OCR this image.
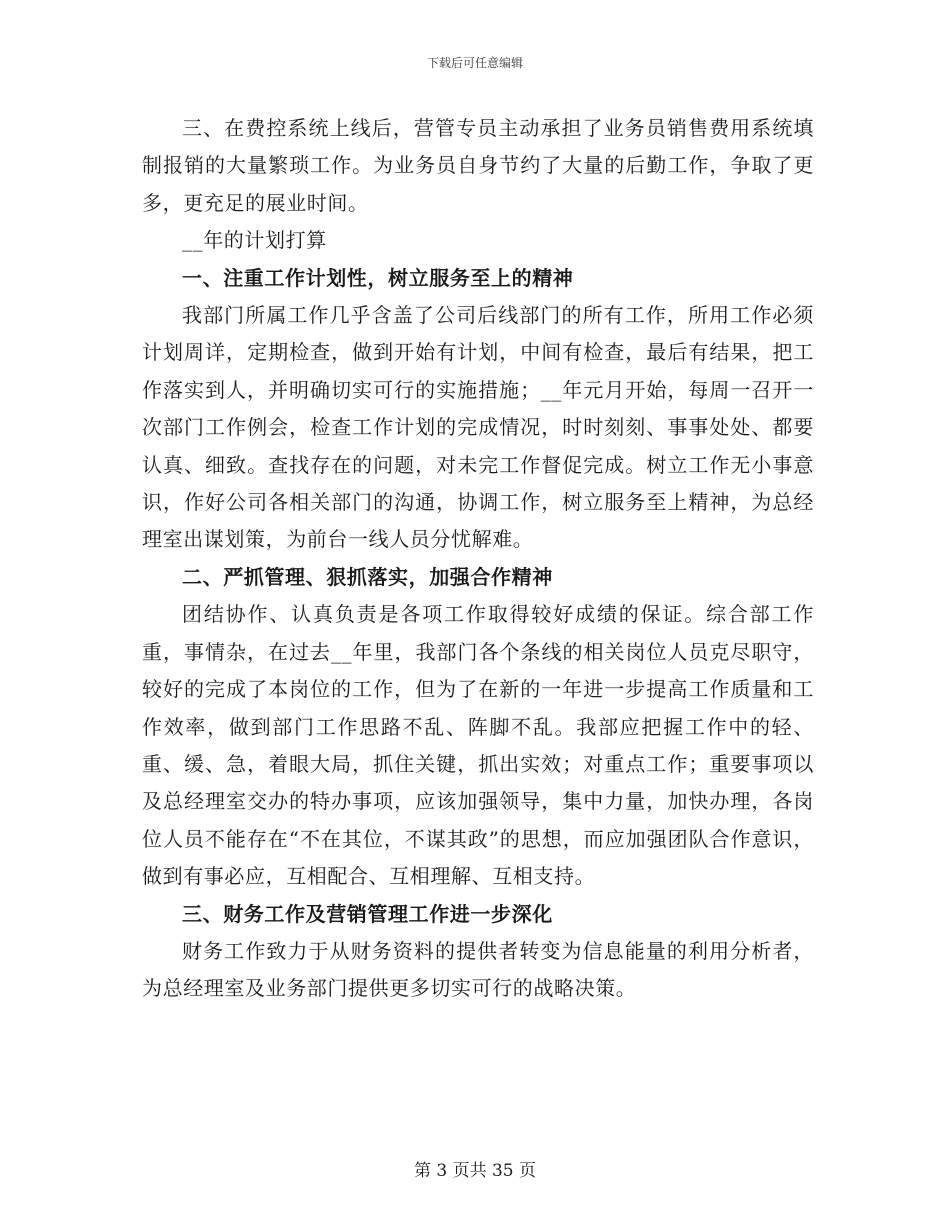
下载后可任意编辑

三、在费控系统上线后，营管专员主动承担了业务员销售费用系统填制报销的大量繁琐工作。为业务员自身节约了大量的后勤工作，争取了更多，更充足的展业时间。

__年的计划打算

一、注重工作计划性，树立服务至上的精神

我部门所属工作几乎含盖了公司后线部门的所有工作，所用工作必须计划周详，定期检查，做到开始有计划，中间有检查，最后有结果，把工作落实到人，并明确切实可行的实施措施；__年元月开始，每周一召开一次部门工作例会，检查工作计划的完成情况，时时刻刻、事事处处、都要认真、细致。查找存在的问题，对未完工作督促完成。树立工作无小事意识，作好公司各相关部门的沟通，协调工作，树立服务至上精神，为总经理室出谋划策，为前台一线人员分忧解难。

二、严抓管理、狠抓落实，加强合作精神

团结协作、认真负责是各项工作取得较好成绩的保证。综合部工作重，事情杂，在过去__年里，我部门各个条线的相关岗位人员克尽职守，较好的完成了本岗位的工作，但为了在新的一年进一步提高工作质量和工作效率，做到部门工作思路不乱、阵脚不乱。我部应把握工作中的轻、重、缓、急，着眼大局，抓住关键，抓出实效；对重点工作；重要事项以及总经理室交办的特办事项，应该加强领导，集中力量，加快办理，各岗位人员不能存在“不在其位，不谋其政”的思想，而应加强团队合作意识，做到有事必应，互相配合、互相理解、互相支持。

三、财务工作及营销管理工作进一步深化

财务工作致力于从财务资料的提供者转变为信息能量的利用分析者，为总经理室及业务部门提供更多切实可行的战略决策。

第 3 页共 35 页
